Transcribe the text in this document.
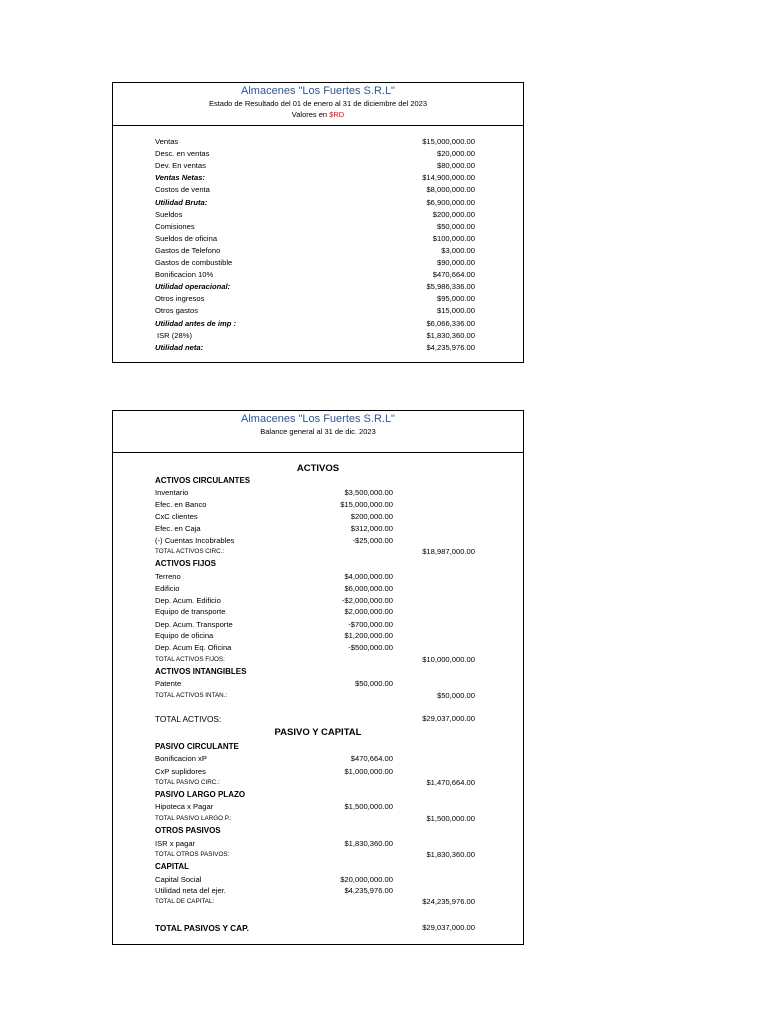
Almacenes "Los Fuertes S.R.L"
Estado de Resultado del 01 de enero al 31 de diciembre del 2023
Valores en $RD
Ventas	$15,000,000.00
Desc. en ventas	$20,000.00
Dev. En ventas	$80,000.00
Ventas Netas:	$14,900,000.00
Costos de venta	$8,000,000.00
Utilidad Bruta:	$6,900,000.00
Sueldos	$200,000.00
Comisiones	$50,000.00
Sueldos de oficina	$100,000.00
Gastos de Telefono	$3,000.00
Gastos de combustible	$90,000.00
Bonificacion 10%	$470,664.00
Utilidad operacional:	$5,986,336.00
Otros ingresos	$95,000.00
Otros gastos	$15,000.00
Utilidad antes de imp :	$6,066,336.00
ISR (28%)	$1,830,360.00
Utilidad neta:	$4,235,976.00
Almacenes "Los Fuertes S.R.L"
Balance general al 31 de dic. 2023
ACTIVOS
ACTIVOS CIRCULANTES
Inventario	$3,500,000.00
Efec. en Banco	$15,000,000.00
CxC clientes	$200,000.00
Efec. en Caja	$312,000.00
(-) Cuentas Incobrables	-$25,000.00
TOTAL ACTIVOS CIRC.:	$18,987,000.00
ACTIVOS FIJOS
Terreno	$4,000,000.00
Edificio	$6,000,000.00
Dep. Acum. Edificio	-$2,000,000.00
Equipo de transporte	$2,000,000.00
Dep. Acum. Transporte	-$700,000.00
Equipo de oficina	$1,200,000.00
Dep. Acum Eq. Oficina	-$500,000.00
TOTAL ACTIVOS FIJOS:	$10,000,000.00
ACTIVOS INTANGIBLES
Patente	$50,000.00
TOTAL ACTIVOS INTAN.:	$50,000.00
TOTAL ACTIVOS:	$29,037,000.00
PASIVO Y CAPITAL
PASIVO CIRCULANTE
Bonificacion xP	$470,664.00
CxP suplidores	$1,000,000.00
TOTAL PASIVO CIRC.:	$1,470,664.00
PASIVO LARGO PLAZO
Hipoteca x Pagar	$1,500,000.00
TOTAL PASIVO LARGO P.:	$1,500,000.00
OTROS PASIVOS
ISR x pagar	$1,830,360.00
TOTAL OTROS PASIVOS:	$1,830,360.00
CAPITAL
Capital Social	$20,000,000.00
Utilidad neta del ejer.	$4,235,976.00
TOTAL DE CAPITAL:	$24,235,976.00
TOTAL PASIVOS Y CAP.	$29,037,000.00
